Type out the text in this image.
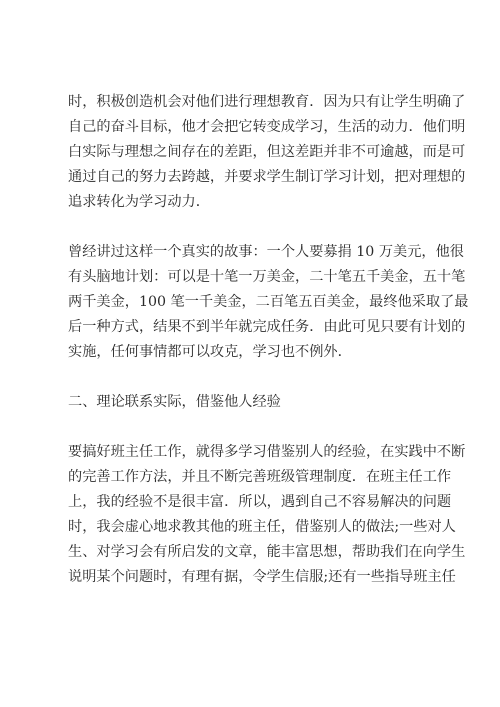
时，积极创造机会对他们进行理想教育．因为只有让学生明确了
自己的奋斗目标，他才会把它转变成学习，生活的动力．他们明
白实际与理想之间存在的差距，但这差距并非不可逾越，而是可
通过自己的努力去跨越，并要求学生制订学习计划，把对理想的
追求转化为学习动力．
曾经讲过这样一个真实的故事：一个人要募捐 10 万美元，他很
有头脑地计划：可以是十笔一万美金，二十笔五千美金，五十笔
两千美金，100 笔一千美金，二百笔五百美金，最终他采取了最
后一种方式，结果不到半年就完成任务．由此可见只要有计划的
实施，任何事情都可以攻克，学习也不例外．
二、理论联系实际，借鉴他人经验
要搞好班主任工作，就得多学习借鉴别人的经验，在实践中不断
的完善工作方法，并且不断完善班级管理制度．在班主任工作
上，我的经验不是很丰富．所以，遇到自己不容易解决的问题
时，我会虚心地求教其他的班主任，借鉴别人的做法;一些对人
生、对学习会有所启发的文章，能丰富思想，帮助我们在向学生
说明某个问题时，有理有据，令学生信服;还有一些指导班主任
